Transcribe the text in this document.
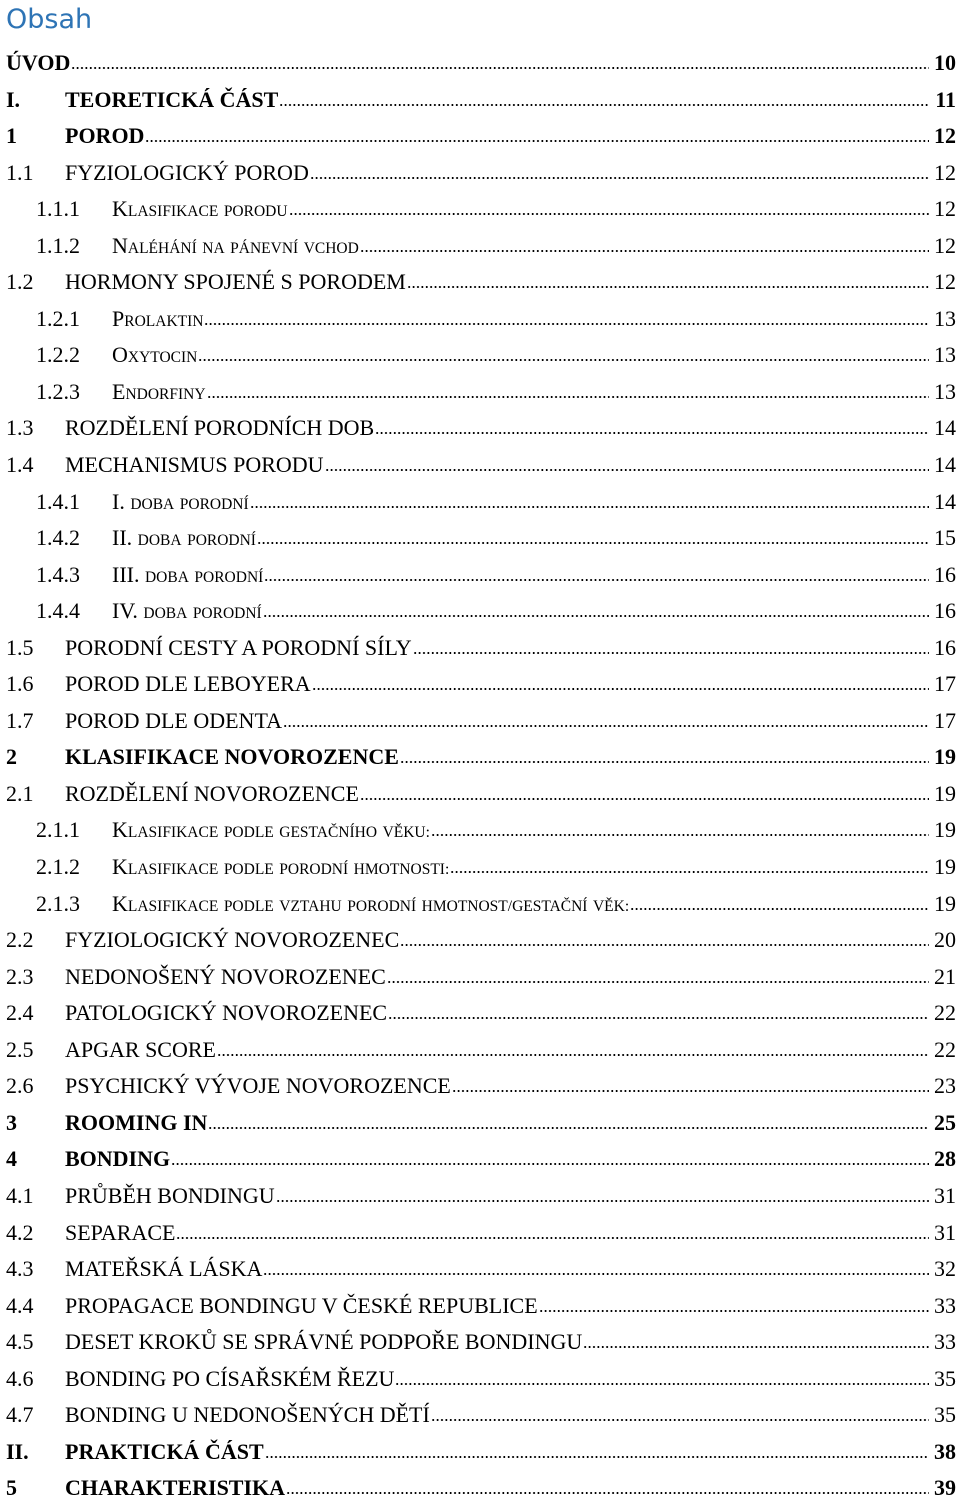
Obsah
ÚVOD	10
I.	TEORETICKÁ ČÁST	11
1	POROD	12
1.1	FYZIOLOGICKÝ POROD	12
1.1.1	KLASIFIKACE PORODU	12
1.1.2	NALÉHÁNÍ NA PÁNEVNÍ VCHOD	12
1.2	HORMONY SPOJENÉ S PORODEM	12
1.2.1	PROLAKTIN	13
1.2.2	OXYTOCIN	13
1.2.3	ENDORFINY	13
1.3	ROZDĚLENÍ PORODNÍCH DOB	14
1.4	MECHANISMUS PORODU	14
1.4.1	I. DOBA PORODNÍ	14
1.4.2	II. DOBA PORODNÍ	15
1.4.3	III. DOBA PORODNÍ	16
1.4.4	IV. DOBA PORODNÍ	16
1.5	PORODNÍ CESTY A PORODNÍ SÍLY	16
1.6	POROD DLE LEBOYERA	17
1.7	POROD DLE ODENTA	17
2	KLASIFIKACE NOVOROZENCE	19
2.1	ROZDĚLENÍ NOVOROZENCE	19
2.1.1	KLASIFIKACE PODLE GESTAČNÍHO VĚKU:	19
2.1.2	KLASIFIKACE PODLE PORODNÍ HMOTNOSTI:	19
2.1.3	KLASIFIKACE PODLE VZTAHU PORODNÍ HMOTNOST/GESTAČNÍ VĚK:	19
2.2	FYZIOLOGICKÝ NOVOROZENEC	20
2.3	NEDONOŠENÝ NOVOROZENEC	21
2.4	PATOLOGICKÝ NOVOROZENEC	22
2.5	APGAR SCORE	22
2.6	PSYCHICKÝ VÝVOJE NOVOROZENCE	23
3	ROOMING IN	25
4	BONDING	28
4.1	PRŮBĚH BONDINGU	31
4.2	SEPARACE	31
4.3	MATEŘSKÁ LÁSKA	32
4.4	PROPAGACE BONDINGU V ČESKÉ REPUBLICE	33
4.5	DESET KROKŮ SE SPRÁVNÉ PODPOŘE BONDINGU	33
4.6	BONDING PO CÍSAŘSKÉM ŘEZU	35
4.7	BONDING U NEDONOŠENÝCH DĚTÍ	35
II.	PRAKTICKÁ ČÁST	38
5	CHARAKTERISTIKA	39
